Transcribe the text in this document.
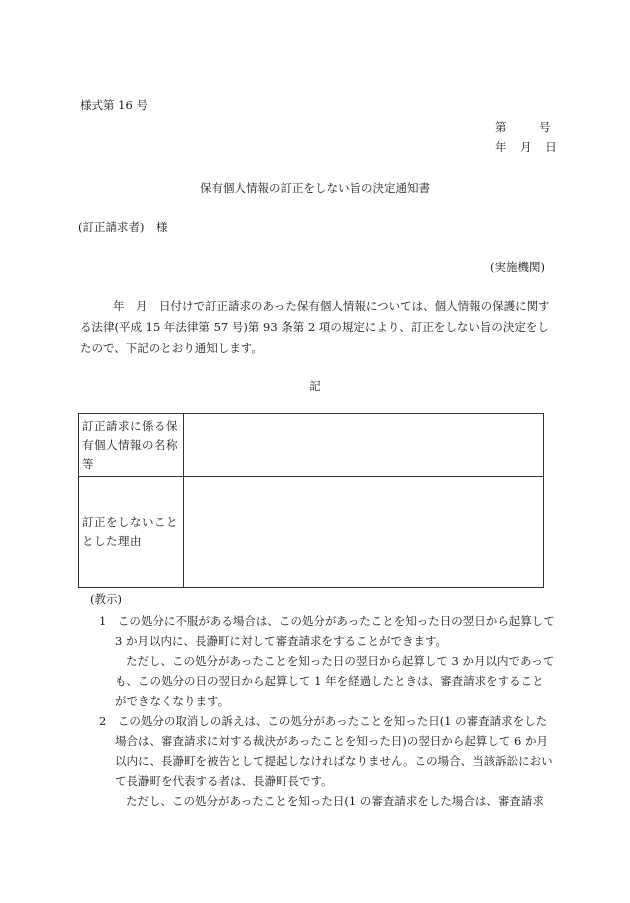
様式第 16 号
第	号
年 月 日
保有個人情報の訂正をしない旨の決定通知書
(訂正請求者)　様
(実施機関)
年　月　日付けで訂正請求のあった保有個人情報については、個人情報の保護に関する法律(平成 15 年法律第 57 号)第 93 条第 2 項の規定により、訂正をしない旨の決定をしたので、下記のとおり通知します。
記
訂正請求に係る保有個人情報の名称等	
訂正をしないこととした理由	
(教示)
1　この処分に不服がある場合は、この処分があったことを知った日の翌日から起算して 3 か月以内に、長瀞町に対して審査請求をすることができます。
ただし、この処分があったことを知った日の翌日から起算して 3 か月以内であっても、この処分の日の翌日から起算して 1 年を経過したときは、審査請求をすることができなくなります。
2　この処分の取消しの訴えは、この処分があったことを知った日(1 の審査請求をした場合は、審査請求に対する裁決があったことを知った日)の翌日から起算して 6 か月以内に、長瀞町を被告として提起しなければなりません。この場合、当該訴訟において長瀞町を代表する者は、長瀞町長です。
ただし、この処分があったことを知った日(1 の審査請求をした場合は、審査請求
